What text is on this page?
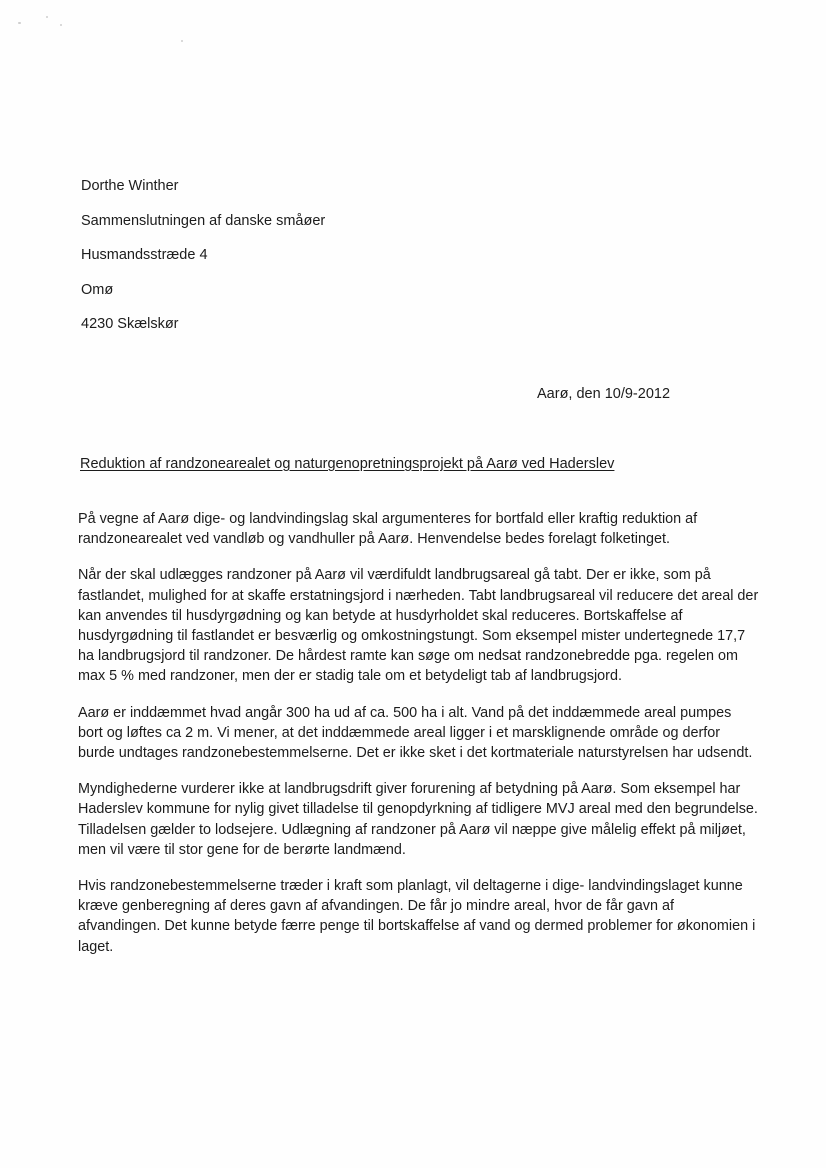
Dorthe Winther
Sammenslutningen af danske småøer
Husmandsstræde 4
Omø
4230 Skælskør
Aarø, den 10/9-2012
Reduktion af randzonearealet og naturgenopretningsprojekt på Aarø ved Haderslev

På vegne af Aarø dige- og landvindingslag skal argumenteres for bortfald eller kraftig reduktion af randzonearealet ved vandløb og vandhuller på Aarø. Henvendelse bedes forelagt folketinget.

Når der skal udlægges randzoner på Aarø vil værdifuldt landbrugsareal gå tabt. Der er ikke, som på fastlandet, mulighed for at skaffe erstatningsjord i nærheden. Tabt landbrugsareal vil reducere det areal der kan anvendes til husdyrgødning og kan betyde at husdyrholdet skal reduceres. Bortskaffelse af husdyrgødning til fastlandet er besværlig og omkostningstungt. Som eksempel mister undertegnede 17,7 ha landbrugsjord til randzoner. De hårdest ramte kan søge om nedsat randzonebredde pga. regelen om max 5 % med randzoner, men der er stadig tale om et betydeligt tab af landbrugsjord.

Aarø er inddæmmet hvad angår 300 ha ud af ca. 500 ha i alt. Vand på det inddæmmede areal pumpes bort og løftes ca 2 m. Vi mener, at det inddæmmede areal ligger i et marsklignende område og derfor burde undtages randzonebestemmelserne. Det er ikke sket i det kortmateriale naturstyrelsen har udsendt.

Myndighederne vurderer ikke at landbrugsdrift giver forurening af betydning på Aarø. Som eksempel har Haderslev kommune for nylig givet tilladelse til genopdyrkning af tidligere MVJ areal med den begrundelse. Tilladelsen gælder to lodsejere. Udlægning af randzoner på Aarø vil næppe give målelig effekt på miljøet, men vil være til stor gene for de berørte landmænd.

Hvis randzonebestemmelserne træder i kraft som planlagt, vil deltagerne i dige- landvindingslaget kunne kræve genberegning af deres gavn af afvandingen. De får jo mindre areal, hvor de får gavn af afvandingen. Det kunne betyde færre penge til bortskaffelse af vand og dermed problemer for økonomien i laget.
